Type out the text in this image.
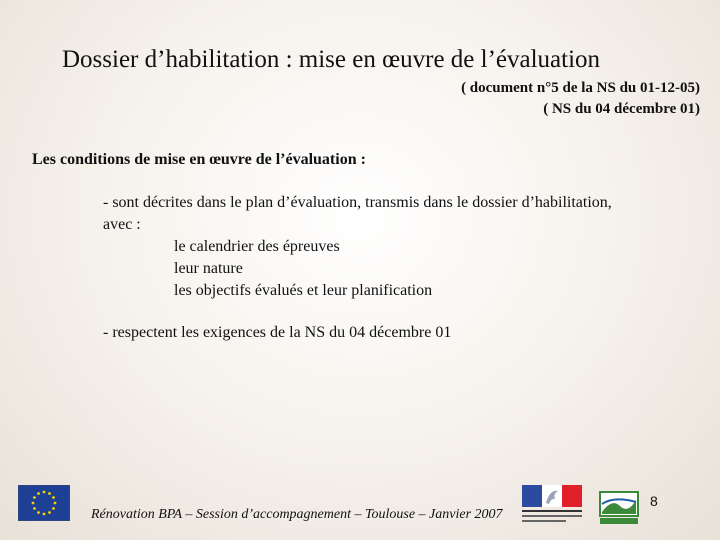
Dossier d’habilitation : mise en œuvre de l’évaluation
( document n°5 de la NS du 01-12-05)
( NS du 04 décembre 01)
Les conditions de mise en œuvre de l’évaluation :
- sont décrites dans le plan d’évaluation, transmis dans le dossier d’habilitation,
avec :
le calendrier des épreuves
leur nature
les objectifs évalués et leur planification
- respectent les exigences de la NS du 04 décembre 01
Rénovation BPA – Session d’accompagnement – Toulouse – Janvier 2007
8
